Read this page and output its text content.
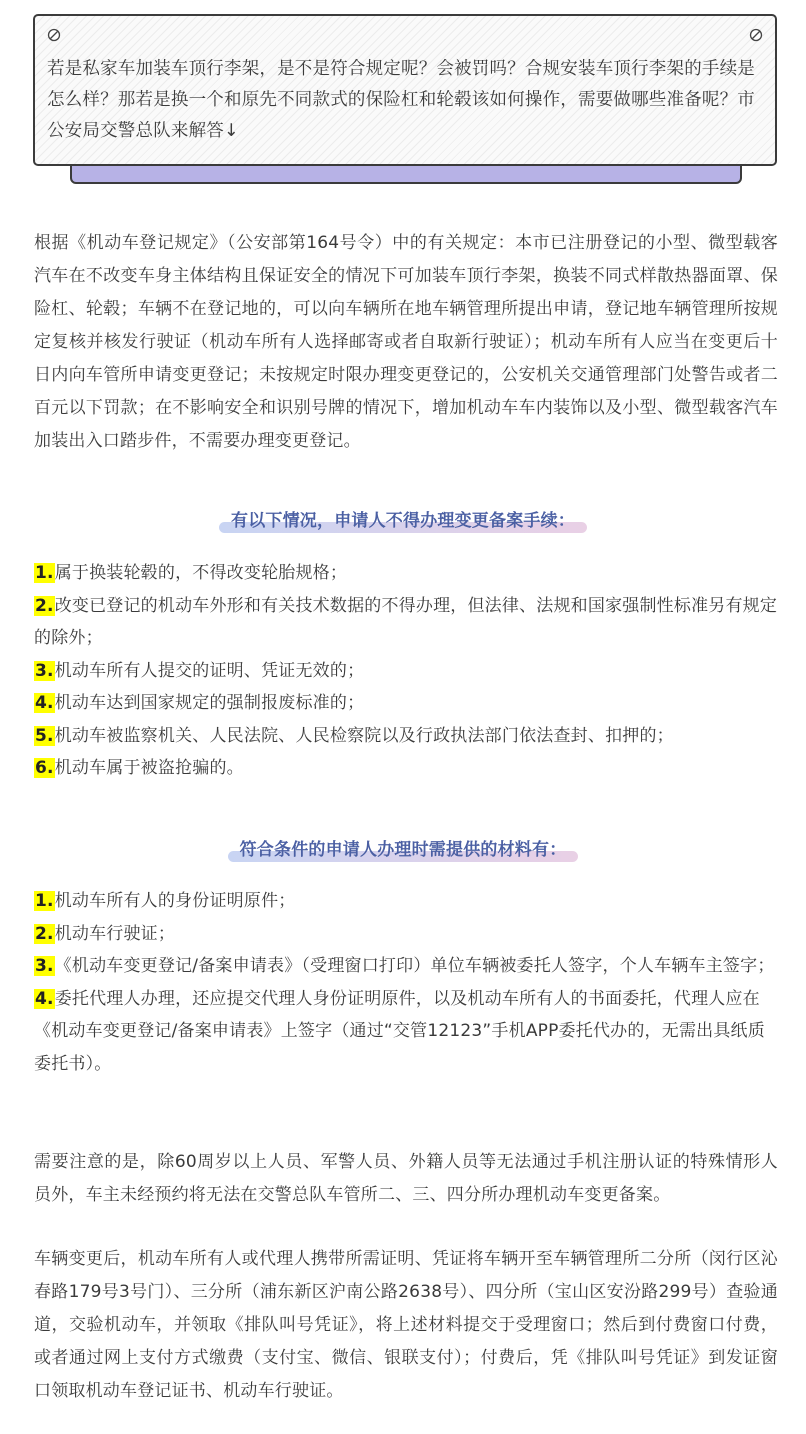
若是私家车加装车顶行李架，是不是符合规定呢？会被罚吗？合规安装车顶行李架的手续是怎么样？那若是换一个和原先不同款式的保险杠和轮毂该如何操作，需要做哪些准备呢？市公安局交警总队来解答↓

根据《机动车登记规定》（公安部第164号令）中的有关规定：本市已注册登记的小型、微型载客汽车在不改变车身主体结构且保证安全的情况下可加装车顶行李架，换装不同式样散热器面罩、保险杠、轮毂；车辆不在登记地的，可以向车辆所在地车辆管理所提出申请，登记地车辆管理所按规定复核并核发行驶证（机动车所有人选择邮寄或者自取新行驶证）；机动车所有人应当在变更后十日内向车管所申请变更登记；未按规定时限办理变更登记的，公安机关交通管理部门处警告或者二百元以下罚款；在不影响安全和识别号牌的情况下，增加机动车车内装饰以及小型、微型载客汽车加装出入口踏步件，不需要办理变更登记。

有以下情况，申请人不得办理变更备案手续：
1.属于换装轮毂的，不得改变轮胎规格；
2.改变已登记的机动车外形和有关技术数据的不得办理，但法律、法规和国家强制性标准另有规定的除外；
3.机动车所有人提交的证明、凭证无效的；
4.机动车达到国家规定的强制报废标准的；
5.机动车被监察机关、人民法院、人民检察院以及行政执法部门依法查封、扣押的；
6.机动车属于被盗抢骗的。
符合条件的申请人办理时需提供的材料有：
1.机动车所有人的身份证明原件；
2.机动车行驶证；
3.《机动车变更登记/备案申请表》（受理窗口打印）单位车辆被委托人签字，个人车辆车主签字；
4.委托代理人办理，还应提交代理人身份证明原件，以及机动车所有人的书面委托，代理人应在《机动车变更登记/备案申请表》上签字（通过“交管12123”手机APP委托代办的，无需出具纸质委托书）。

需要注意的是，除60周岁以上人员、军警人员、外籍人员等无法通过手机注册认证的特殊情形人员外，车主未经预约将无法在交警总队车管所二、三、四分所办理机动车变更备案。

车辆变更后，机动车所有人或代理人携带所需证明、凭证将车辆开至车辆管理所二分所（闵行区沁春路179号3号门）、三分所（浦东新区沪南公路2638号）、四分所（宝山区安汾路299号）查验通道，交验机动车，并领取《排队叫号凭证》，将上述材料提交于受理窗口；然后到付费窗口付费，或者通过网上支付方式缴费（支付宝、微信、银联支付）；付费后，凭《排队叫号凭证》到发证窗口领取机动车登记证书、机动车行驶证。
